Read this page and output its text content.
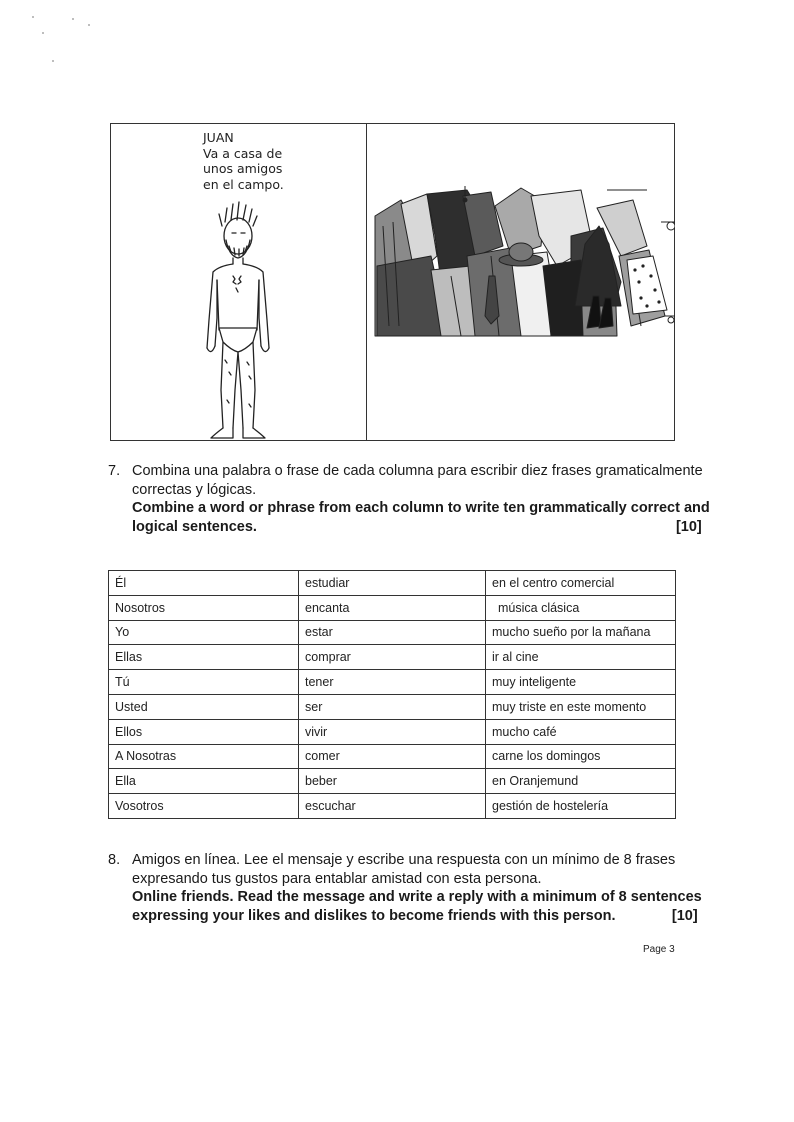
JUAN
Va a casa de
unos amigos
en el campo.
7. Combina una palabra o frase de cada columna para escribir diez frases gramaticalmente
correctas y lógicas.
Combine a word or phrase from each column to write ten grammatically correct and
logical sentences.	[10]
Él	estudiar	en el centro comercial
Nosotros	encanta	música clásica
Yo	estar	mucho sueño por la mañana
Ellas	comprar	ir al cine
Tú	tener	muy inteligente
Usted	ser	muy triste en este momento
Ellos	vivir	mucho café
A Nosotras	comer	carne los domingos
Ella	beber	en Oranjemund
Vosotros	escuchar	gestión de hostelería
8. Amigos en línea. Lee el mensaje y escribe una respuesta con un mínimo de 8 frases
expresando tus gustos para entablar amistad con esta persona.
Online friends. Read the message and write a reply with a minimum of 8 sentences
expressing your likes and dislikes to become friends with this person.	[10]
Page 3
